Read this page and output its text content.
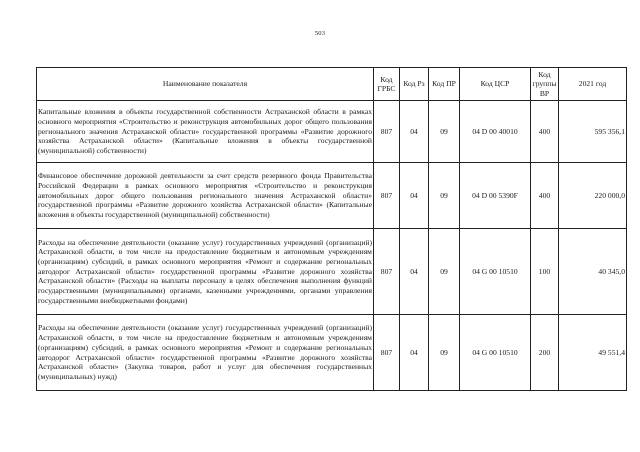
503
Наименование показателя	Код ГРБС	Код Рз	Код ПР	Код ЦСР	Код группы ВР	2021 год
Капитальные вложения в объекты государственной собственности Астраханской области в рамках основного мероприятия «Строительство и реконструкция автомобильных дорог общего пользования регионального значения Астраханской области» государственной программы «Развитие дорожного хозяйства Астраханской области» (Капитальные вложения в объекты государственной (муниципальной) собственности)	807	04	09	04 D 00 40010	400	595 356,1
Финансовое обеспечение дорожной деятельности за счет средств резервного фонда Правительства Российской Федерации в рамках основного мероприятия «Строительство и реконструкция автомобильных дорог общего пользования регионального значения Астраханской области» государственной программы «Развитие дорожного хозяйства Астраханской области» (Капитальные вложения в объекты государственной (муниципальной) собственности)	807	04	09	04 D 00 5390F	400	220 000,0
Расходы на обеспечение деятельности (оказание услуг) государственных учреждений (организаций) Астраханской области, в том числе на предоставление бюджетным и автономным учреждениям (организациям) субсидий, в рамках основного мероприятия «Ремонт и содержание региональных автодорог Астраханской области» государственной программы «Развитие дорожного хозяйства Астраханской области» (Расходы на выплаты персоналу в целях обеспечения выполнения функций государственными (муниципальными) органами, казенными учреждениями, органами управления государственными внебюджетными фондами)	807	04	09	04 G 00 10510	100	40 345,0
Расходы на обеспечение деятельности (оказание услуг) государственных учреждений (организаций) Астраханской области, в том числе на предоставление бюджетным и автономным учреждениям (организациям) субсидий, в рамках основного мероприятия «Ремонт и содержание региональных автодорог Астраханской области» государственной программы «Развитие дорожного хозяйства Астраханской области» (Закупка товаров, работ и услуг для обеспечения государственных (муниципальных) нужд)	807	04	09	04 G 00 10510	200	49 551,4
